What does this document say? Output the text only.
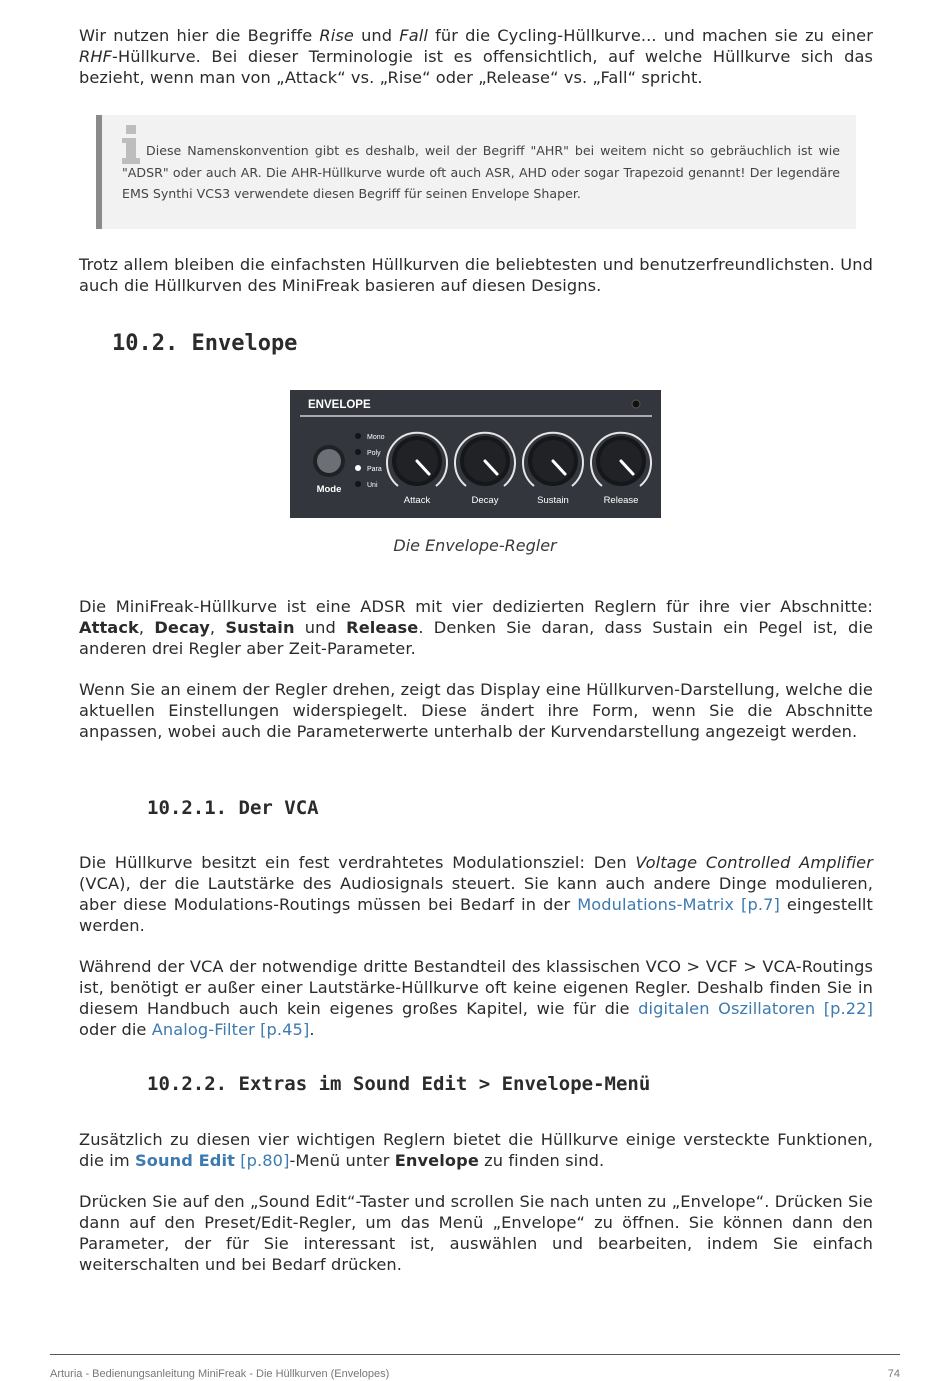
Wir nutzen hier die Begriffe Rise und Fall für die Cycling-Hüllkurve... und machen sie zu einer RHF-Hüllkurve. Bei dieser Terminologie ist es offensichtlich, auf welche Hüllkurve sich das bezieht, wenn man von „Attack“ vs. „Rise“ oder „Release“ vs. „Fall“ spricht.

Diese Namenskonvention gibt es deshalb, weil der Begriff "AHR" bei weitem nicht so gebräuchlich ist wie "ADSR" oder auch AR. Die AHR-Hüllkurve wurde oft auch ASR, AHD oder sogar Trapezoid genannt! Der legendäre EMS Synthi VCS3 verwendete diesen Begriff für seinen Envelope Shaper.

Trotz allem bleiben die einfachsten Hüllkurven die beliebtesten und benutzerfreundlichsten. Und auch die Hüllkurven des MiniFreak basieren auf diesen Designs.

10.2. Envelope
ENVELOPE
Mode
Mono
Poly
Para
Uni
Attack	Decay	Sustain	Release
Die Envelope-Regler

Die MiniFreak-Hüllkurve ist eine ADSR mit vier dedizierten Reglern für ihre vier Abschnitte: Attack, Decay, Sustain und Release. Denken Sie daran, dass Sustain ein Pegel ist, die anderen drei Regler aber Zeit-Parameter.

Wenn Sie an einem der Regler drehen, zeigt das Display eine Hüllkurven-Darstellung, welche die aktuellen Einstellungen widerspiegelt. Diese ändert ihre Form, wenn Sie die Abschnitte anpassen, wobei auch die Parameterwerte unterhalb der Kurvendarstellung angezeigt werden.

10.2.1. Der VCA

Die Hüllkurve besitzt ein fest verdrahtetes Modulationsziel: Den Voltage Controlled Amplifier (VCA), der die Lautstärke des Audiosignals steuert. Sie kann auch andere Dinge modulieren, aber diese Modulations-Routings müssen bei Bedarf in der Modulations-Matrix [p.7] eingestellt werden.

Während der VCA der notwendige dritte Bestandteil des klassischen VCO > VCF > VCA-Routings ist, benötigt er außer einer Lautstärke-Hüllkurve oft keine eigenen Regler. Deshalb finden Sie in diesem Handbuch auch kein eigenes großes Kapitel, wie für die digitalen Oszillatoren [p.22] oder die Analog-Filter [p.45].

10.2.2. Extras im Sound Edit > Envelope-Menü

Zusätzlich zu diesen vier wichtigen Reglern bietet die Hüllkurve einige versteckte Funktionen, die im Sound Edit [p.80]-Menü unter Envelope zu finden sind.

Drücken Sie auf den „Sound Edit“-Taster und scrollen Sie nach unten zu „Envelope“. Drücken Sie dann auf den Preset/Edit-Regler, um das Menü „Envelope“ zu öffnen. Sie können dann den Parameter, der für Sie interessant ist, auswählen und bearbeiten, indem Sie einfach weiterschalten und bei Bedarf drücken.

Arturia - Bedienungsanleitung MiniFreak - Die Hüllkurven (Envelopes)	74
